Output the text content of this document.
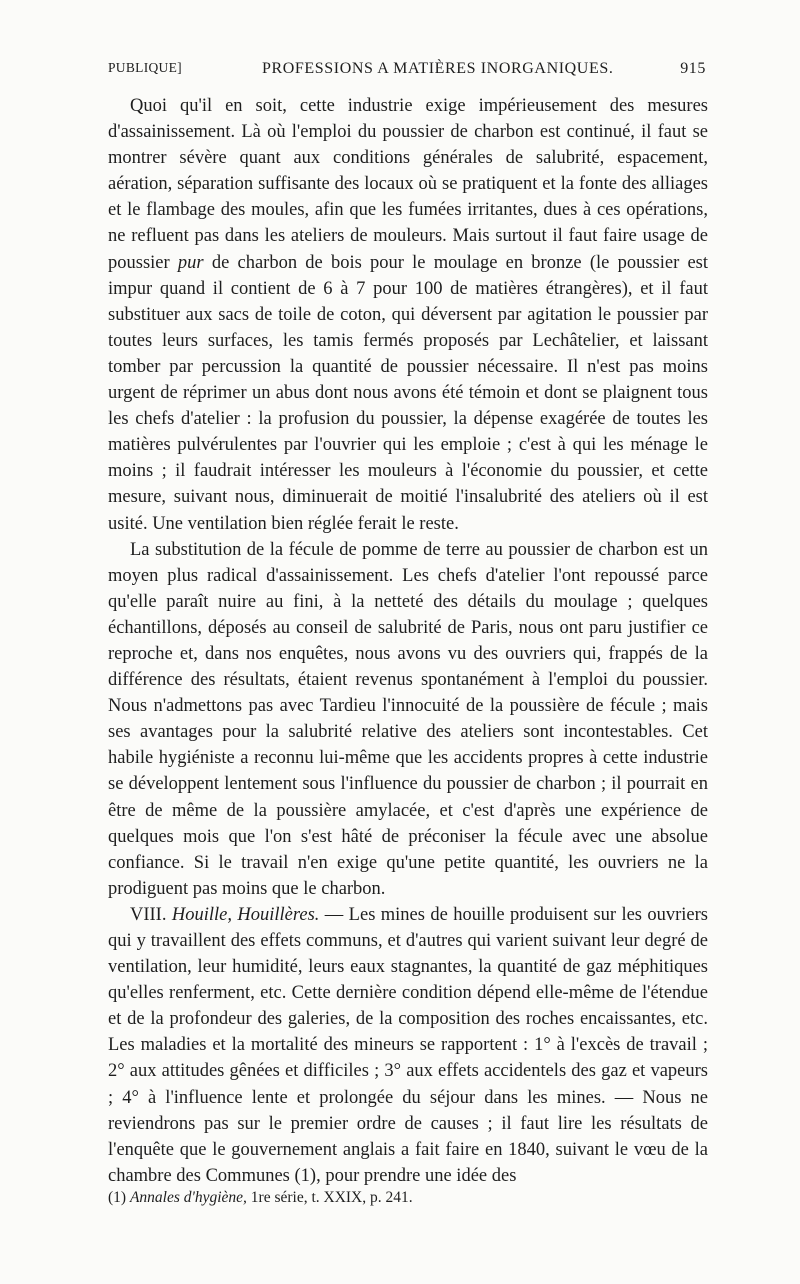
PUBLIQUE]	PROFESSIONS A MATIÈRES INORGANIQUES.	915

Quoi qu'il en soit, cette industrie exige impérieusement des mesures d'assainissement. Là où l'emploi du poussier de charbon est continué, il faut se montrer sévère quant aux conditions générales de salubrité, espacement, aération, séparation suffisante des locaux où se pratiquent et la fonte des alliages et le flambage des moules, afin que les fumées irritantes, dues à ces opérations, ne refluent pas dans les ateliers de mouleurs. Mais surtout il faut faire usage de poussier pur de charbon de bois pour le moulage en bronze (le poussier est impur quand il contient de 6 à 7 pour 100 de matières étrangères), et il faut substituer aux sacs de toile de coton, qui déversent par agitation le poussier par toutes leurs surfaces, les tamis fermés proposés par Lechâtelier, et laissant tomber par percussion la quantité de poussier nécessaire. Il n'est pas moins urgent de réprimer un abus dont nous avons été témoin et dont se plaignent tous les chefs d'atelier : la profusion du poussier, la dépense exagérée de toutes les matières pulvérulentes par l'ouvrier qui les emploie ; c'est à qui les ménage le moins ; il faudrait intéresser les mouleurs à l'économie du poussier, et cette mesure, suivant nous, diminuerait de moitié l'insalubrité des ateliers où il est usité. Une ventilation bien réglée ferait le reste.

La substitution de la fécule de pomme de terre au poussier de charbon est un moyen plus radical d'assainissement. Les chefs d'atelier l'ont repoussé parce qu'elle paraît nuire au fini, à la netteté des détails du moulage ; quelques échantillons, déposés au conseil de salubrité de Paris, nous ont paru justifier ce reproche et, dans nos enquêtes, nous avons vu des ouvriers qui, frappés de la différence des résultats, étaient revenus spontanément à l'emploi du poussier. Nous n'admettons pas avec Tardieu l'innocuité de la poussière de fécule ; mais ses avantages pour la salubrité relative des ateliers sont incontestables. Cet habile hygiéniste a reconnu lui-même que les accidents propres à cette industrie se développent lentement sous l'influence du poussier de charbon ; il pourrait en être de même de la poussière amylacée, et c'est d'après une expérience de quelques mois que l'on s'est hâté de préconiser la fécule avec une absolue confiance. Si le travail n'en exige qu'une petite quantité, les ouvriers ne la prodiguent pas moins que le charbon.

VIII. Houille, Houillères. — Les mines de houille produisent sur les ouvriers qui y travaillent des effets communs, et d'autres qui varient suivant leur degré de ventilation, leur humidité, leurs eaux stagnantes, la quantité de gaz méphitiques qu'elles renferment, etc. Cette dernière condition dépend elle-même de l'étendue et de la profondeur des galeries, de la composition des roches encaissantes, etc. Les maladies et la mortalité des mineurs se rapportent : 1° à l'excès de travail ; 2° aux attitudes gênées et difficiles ; 3° aux effets accidentels des gaz et vapeurs ; 4° à l'influence lente et prolongée du séjour dans les mines. — Nous ne reviendrons pas sur le premier ordre de causes ; il faut lire les résultats de l'enquête que le gouvernement anglais a fait faire en 1840, suivant le vœu de la chambre des Communes (1), pour prendre une idée des

(1) Annales d'hygiène, 1re série, t. XXIX, p. 241.
